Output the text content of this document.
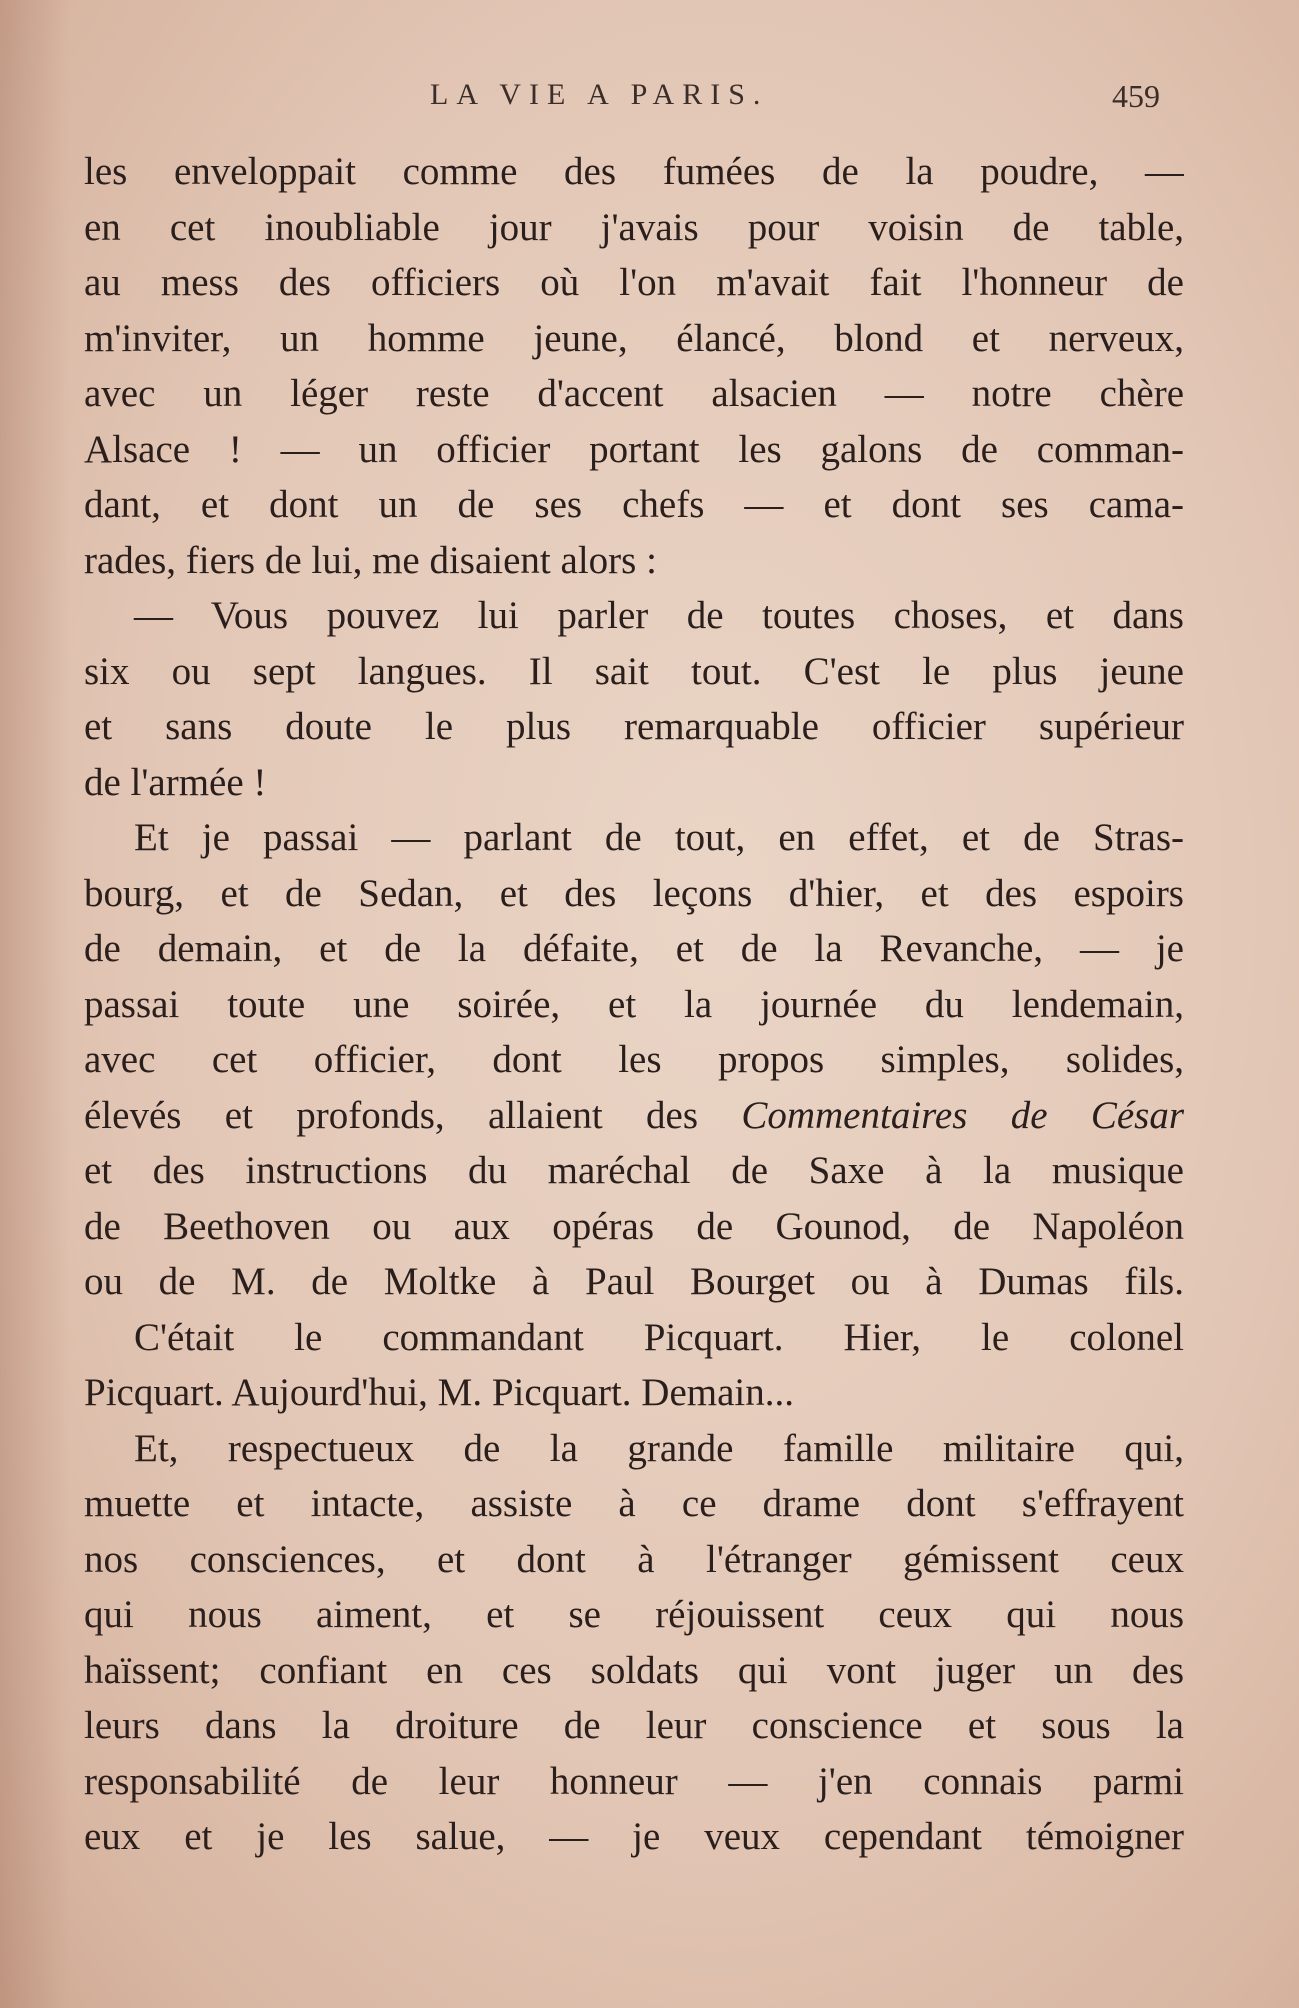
LA VIE A PARIS.	459
les enveloppait comme des fumées de la poudre, —
en cet inoubliable jour j'avais pour voisin de table,
au mess des officiers où l'on m'avait fait l'honneur de
m'inviter, un homme jeune, élancé, blond et nerveux,
avec un léger reste d'accent alsacien — notre chère
Alsace ! — un officier portant les galons de comman-
dant, et dont un de ses chefs — et dont ses cama-
rades, fiers de lui, me disaient alors :
— Vous pouvez lui parler de toutes choses, et dans
six ou sept langues. Il sait tout. C'est le plus jeune
et sans doute le plus remarquable officier supérieur
de l'armée !
Et je passai — parlant de tout, en effet, et de Stras-
bourg, et de Sedan, et des leçons d'hier, et des espoirs
de demain, et de la défaite, et de la Revanche, — je
passai toute une soirée, et la journée du lendemain,
avec cet officier, dont les propos simples, solides,
élevés et profonds, allaient des Commentaires de César
et des instructions du maréchal de Saxe à la musique
de Beethoven ou aux opéras de Gounod, de Napoléon
ou de M. de Moltke à Paul Bourget ou à Dumas fils.
C'était le commandant Picquart. Hier, le colonel
Picquart. Aujourd'hui, M. Picquart. Demain...
Et, respectueux de la grande famille militaire qui,
muette et intacte, assiste à ce drame dont s'effrayent
nos consciences, et dont à l'étranger gémissent ceux
qui nous aiment, et se réjouissent ceux qui nous
haïssent; confiant en ces soldats qui vont juger un des
leurs dans la droiture de leur conscience et sous la
responsabilité de leur honneur — j'en connais parmi
eux et je les salue, — je veux cependant témoigner
